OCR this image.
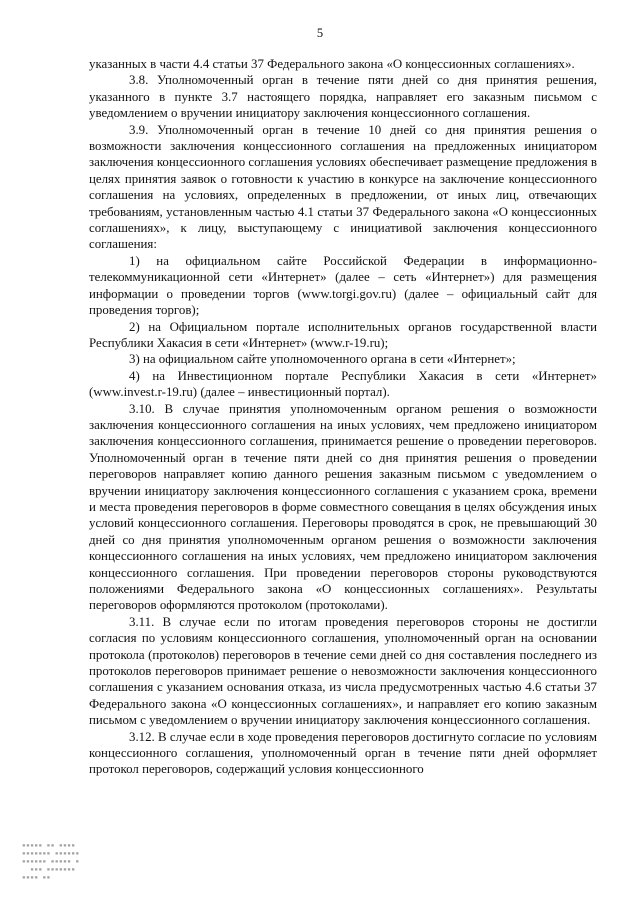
5

указанных в части 4.4 статьи 37 Федерального закона «О концессионных соглашениях».

3.8. Уполномоченный орган в течение пяти дней со дня принятия решения, указанного в пункте 3.7 настоящего порядка, направляет его заказным письмом с уведомлением о вручении инициатору заключения концессионного соглашения.

3.9. Уполномоченный орган в течение 10 дней со дня принятия решения о возможности заключения концессионного соглашения на предложенных инициатором заключения концессионного соглашения условиях обеспечивает размещение предложения в целях принятия заявок о готовности к участию в конкурсе на заключение концессионного соглашения на условиях, определенных в предложении, от иных лиц, отвечающих требованиям, установленным частью 4.1 статьи 37 Федерального закона «О концессионных соглашениях», к лицу, выступающему с инициативой заключения концессионного соглашения:

1) на официальном сайте Российской Федерации в информационно-телекоммуникационной сети «Интернет» (далее – сеть «Интернет») для размещения информации о проведении торгов (www.torgi.gov.ru) (далее – официальный сайт для проведения торгов);

2) на Официальном портале исполнительных органов государственной власти Республики Хакасия в сети «Интернет» (www.r-19.ru);

3) на официальном сайте уполномоченного органа в сети «Интернет»;

4) на Инвестиционном портале Республики Хакасия в сети «Интернет» (www.invest.r-19.ru) (далее – инвестиционный портал).

3.10. В случае принятия уполномоченным органом решения о возможности заключения концессионного соглашения на иных условиях, чем предложено инициатором заключения концессионного соглашения, принимается решение о проведении переговоров. Уполномоченный орган в течение пяти дней со дня принятия решения о проведении переговоров направляет копию данного решения заказным письмом с уведомлением о вручении инициатору заключения концессионного соглашения с указанием срока, времени и места проведения переговоров в форме совместного совещания в целях обсуждения иных условий концессионного соглашения. Переговоры проводятся в срок, не превышающий 30 дней со дня принятия уполномоченным органом решения о возможности заключения концессионного соглашения на иных условиях, чем предложено инициатором заключения концессионного соглашения. При проведении переговоров стороны руководствуются положениями Федерального закона «О концессионных соглашениях». Результаты переговоров оформляются протоколом (протоколами).

3.11. В случае если по итогам проведения переговоров стороны не достигли согласия по условиям концессионного соглашения, уполномоченный орган на основании протокола (протоколов) переговоров в течение семи дней со дня составления последнего из протоколов переговоров принимает решение о невозможности заключения концессионного соглашения с указанием основания отказа, из числа предусмотренных частью 4.6 статьи 37 Федерального закона «О концессионных соглашениях», и направляет его копию заказным письмом с уведомлением о вручении инициатору заключения концессионного соглашения.

3.12. В случае если в ходе проведения переговоров достигнуто согласие по условиям концессионного соглашения, уполномоченный орган в течение пяти дней оформляет протокол переговоров, содержащий условия концессионного

▪▪▪▪▪ ▪▪ ▪▪▪▪
▪▪▪▪▪▪▪ ▪▪▪▪▪▪
▪▪▪▪▪▪ ▪▪▪▪▪ ▪
▪▪▪ ▪▪▪▪▪▪▪
▪▪▪▪ ▪▪
